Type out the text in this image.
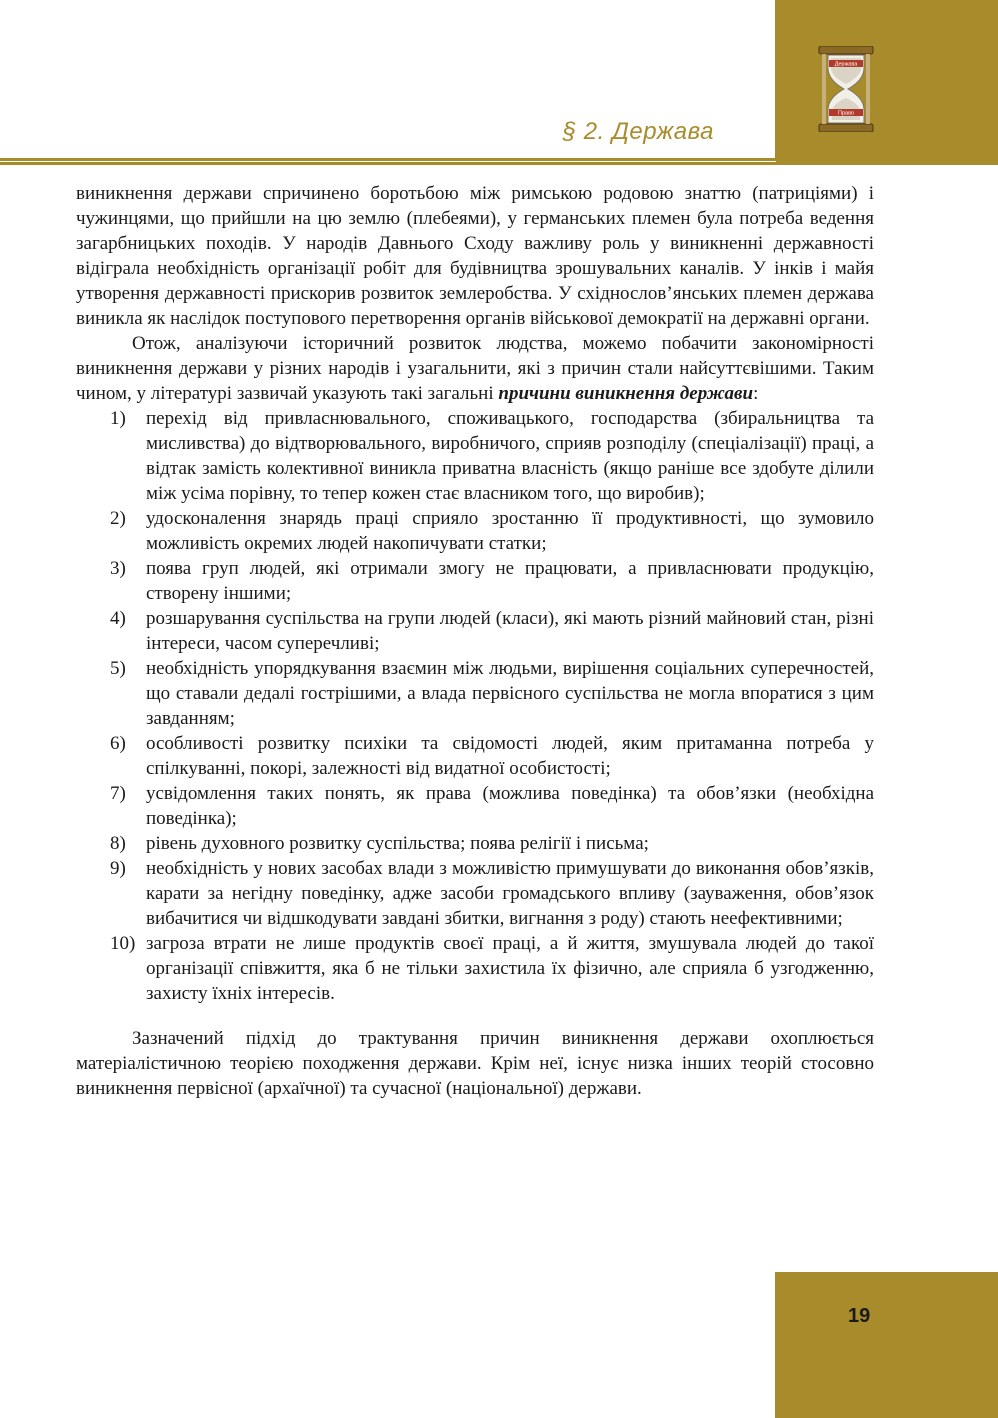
§ 2. Держава
Держава
Право

виникнення держави спричинено боротьбою між римською родовою знаттю (патриціями) і чужинцями, що прийшли на цю землю (плебеями), у германських племен була потреба ведення загарбницьких походів. У народів Давнього Сходу важливу роль у виникненні державності відіграла необхідність організації робіт для будівництва зрошувальних каналів. У інків і майя утворення державності прискорив розвиток землеробства. У східнослов’янських племен держава виникла як наслідок поступового перетворення органів військової демократії на державні органи.

Отож, аналізуючи історичний розвиток людства, можемо побачити закономірності виникнення держави у різних народів і узагальнити, які з причин стали найсуттєвішими. Таким чином, у літературі зазвичай указують такі загальні причини виникнення держави:

1) перехід від привласнювального, споживацького, господарства (збиральництва та мисливства) до відтворювального, виробничого, сприяв розподілу (спеціалізації) праці, а відтак замість колективної виникла приватна власність (якщо раніше все здобуте ділили між усіма порівну, то тепер кожен стає власником того, що виробив);
2) удосконалення знарядь праці сприяло зростанню її продуктивності, що зумовило можливість окремих людей накопичувати статки;
3) поява груп людей, які отримали змогу не працювати, а привласнювати продукцію, створену іншими;
4) розшарування суспільства на групи людей (класи), які мають різний майновий стан, різні інтереси, часом суперечливі;
5) необхідність упорядкування взаємин між людьми, вирішення соціальних суперечностей, що ставали дедалі гострішими, а влада первісного суспільства не могла впоратися з цим завданням;
6) особливості розвитку психіки та свідомості людей, яким притаманна потреба у спілкуванні, покорі, залежності від видатної особистості;
7) усвідомлення таких понять, як права (можлива поведінка) та обов’язки (необхідна поведінка);
8) рівень духовного розвитку суспільства; поява релігії і письма;
9) необхідність у нових засобах влади з можливістю примушувати до виконання обов’язків, карати за негідну поведінку, адже засоби громадського впливу (зауваження, обов’язок вибачитися чи відшкодувати завдані збитки, вигнання з роду) стають неефективними;
10) загроза втрати не лише продуктів своєї праці, а й життя, змушувала людей до такої організації співжиття, яка б не тільки захистила їх фізично, але сприяла б узгодженню, захисту їхніх інтересів.

Зазначений підхід до трактування причин виникнення держави охоплюється матеріалістичною теорією походження держави. Крім неї, існує низка інших теорій стосовно виникнення первісної (архаїчної) та сучасної (національної) держави.

19
